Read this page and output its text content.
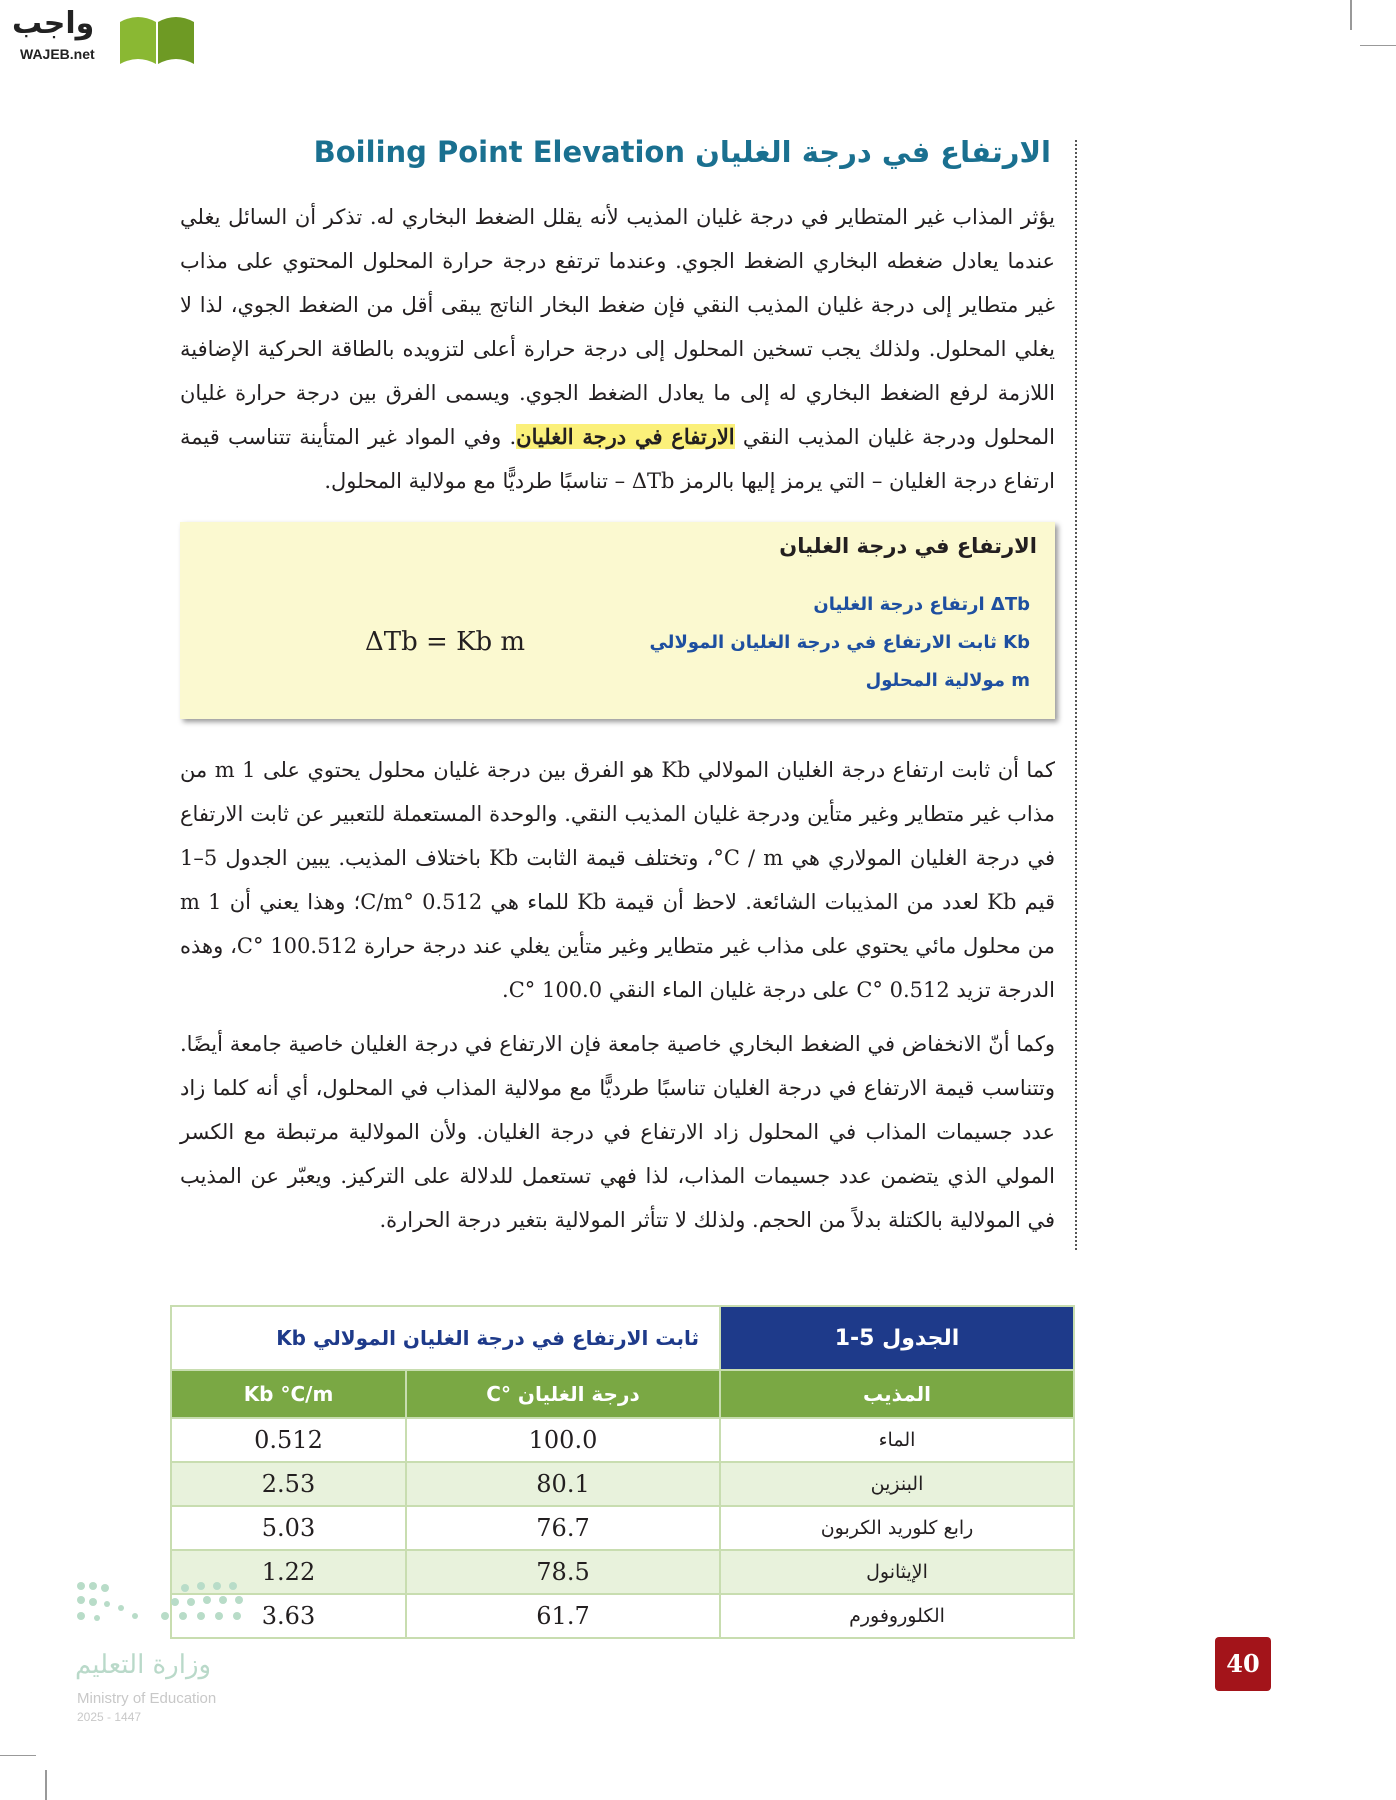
واجب
WAJEB.net
الارتفاع في درجة الغليان Boiling Point Elevation
يؤثر المذاب غير المتطاير في درجة غليان المذيب لأنه يقلل الضغط البخاري له. تذكر أن السائل يغلي عندما يعادل ضغطه البخاري الضغط الجوي. وعندما ترتفع درجة حرارة المحلول المحتوي على مذاب غير متطاير إلى درجة غليان المذيب النقي فإن ضغط البخار الناتج يبقى أقل من الضغط الجوي، لذا لا يغلي المحلول. ولذلك يجب تسخين المحلول إلى درجة حرارة أعلى لتزويده بالطاقة الحركية الإضافية اللازمة لرفع الضغط البخاري له إلى ما يعادل الضغط الجوي. ويسمى الفرق بين درجة حرارة غليان المحلول ودرجة غليان المذيب النقي الارتفاع في درجة الغليان. وفي المواد غير المتأينة تتناسب قيمة ارتفاع درجة الغليان – التي يرمز إليها بالرمز ΔTb – تناسبًا طرديًّا مع مولالية المحلول.
الارتفاع في درجة الغليان
ΔTb ارتفاع درجة الغليان
Kb ثابت الارتفاع في درجة الغليان المولالي
m مولالية المحلول
ΔTb = Kb m
كما أن ثابت ارتفاع درجة الغليان المولالي Kb هو الفرق بين درجة غليان محلول يحتوي على 1 m من مذاب غير متطاير وغير متأين ودرجة غليان المذيب النقي. والوحدة المستعملة للتعبير عن ثابت الارتفاع في درجة الغليان المولاري هي C / m°، وتختلف قيمة الثابت Kb باختلاف المذيب. يبين الجدول 5–1 قيم Kb لعدد من المذيبات الشائعة. لاحظ أن قيمة Kb للماء هي 0.512 °C/m؛ وهذا يعني أن 1 m من محلول مائي يحتوي على مذاب غير متطاير وغير متأين يغلي عند درجة حرارة 100.512 °C، وهذه الدرجة تزيد 0.512 °C على درجة غليان الماء النقي 100.0 °C.
وكما أنّ الانخفاض في الضغط البخاري خاصية جامعة فإن الارتفاع في درجة الغليان خاصية جامعة أيضًا. وتتناسب قيمة الارتفاع في درجة الغليان تناسبًا طرديًّا مع مولالية المذاب في المحلول، أي أنه كلما زاد عدد جسيمات المذاب في المحلول زاد الارتفاع في درجة الغليان. ولأن المولالية مرتبطة مع الكسر المولي الذي يتضمن عدد جسيمات المذاب، لذا فهي تستعمل للدلالة على التركيز. ويعبّر عن المذيب في المولالية بالكتلة بدلاً من الحجم. ولذلك لا تتأثر المولالية بتغير درجة الحرارة.
الجدول 5-1	ثابت الارتفاع في درجة الغليان المولالي Kb	
المذيب	درجة الغليان °C	Kb °C/m
الماء	100.0	0.512
البنزين	80.1	2.53
رابع كلوريد الكربون	76.7	5.03
الإيثانول	78.5	1.22
الكلوروفورم	61.7	3.63
وزارة التعليم
Ministry of Education
2025 - 1447
40
